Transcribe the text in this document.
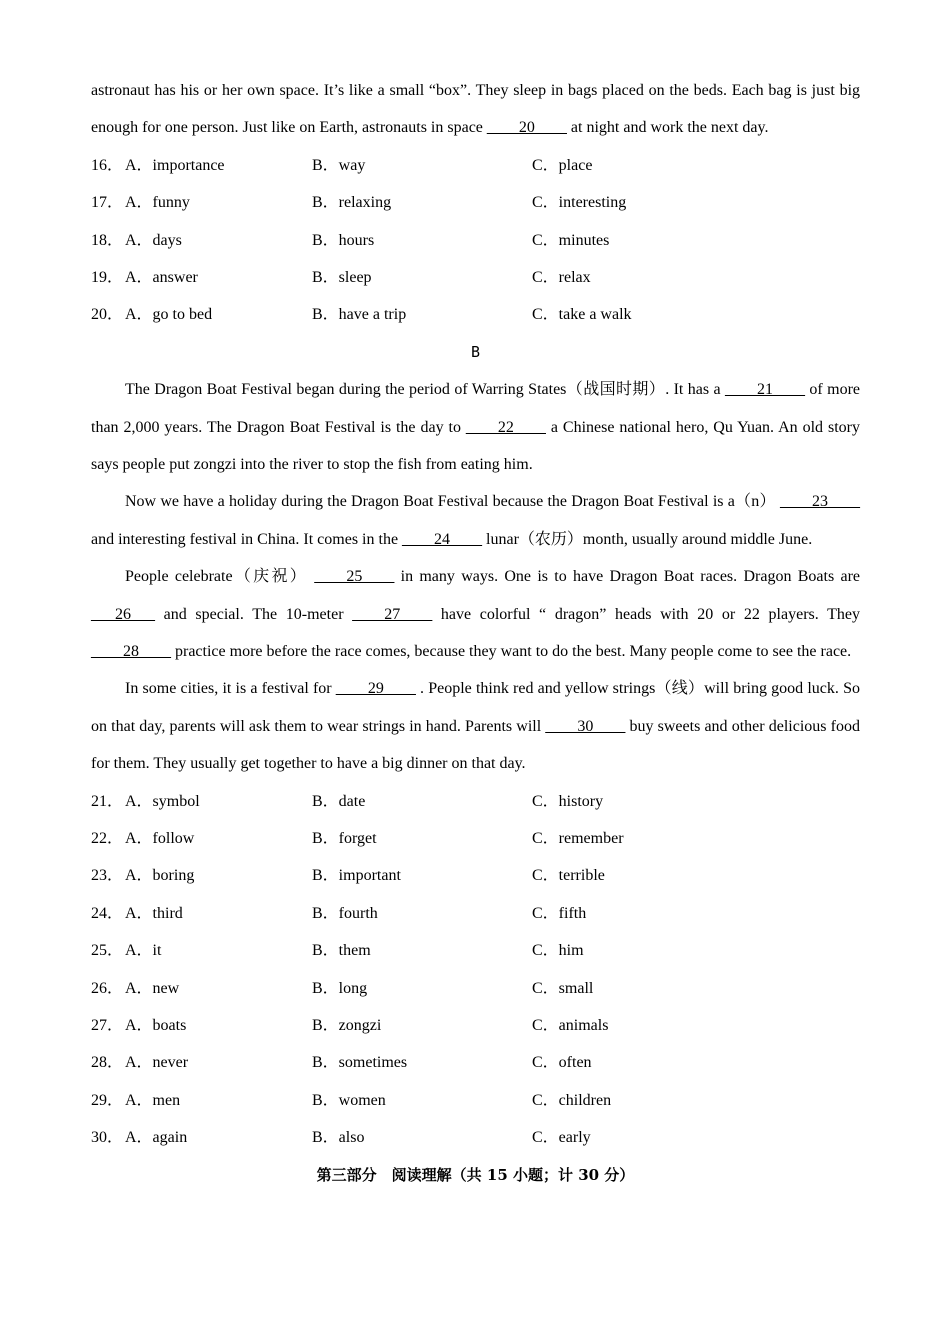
astronaut has his or her own space. It’s like a small “box”. They sleep in bags placed on the beds. Each bag is just big enough for one person. Just like on Earth, astronauts in space ____20____ at night and work the next day.

16． A．importance	B．way	C．place
17． A．funny	B．relaxing	C．interesting
18． A．days	B．hours	C．minutes
19． A．answer	B．sleep	C．relax
20． A．go to bed	B．have a trip	C．take a walk
B

The Dragon Boat Festival began during the period of Warring States（战国时期）. It has a ____21____ of more than 2,000 years. The Dragon Boat Festival is the day to ____22____ a Chinese national hero, Qu Yuan. An old story says people put zongzi into the river to stop the fish from eating him.

Now we have a holiday during the Dragon Boat Festival because the Dragon Boat Festival is a（n） ____23____ and interesting festival in China. It comes in the ____24____ lunar（农历）month, usually around middle June.

People celebrate（庆祝） ____25____ in many ways. One is to have Dragon Boat races. Dragon Boats are ___26___ and special. The 10-meter ____27____ have colorful “ dragon” heads with 20 or 22 players. They ____28____ practice more before the race comes, because they want to do the best. Many people come to see the race.

In some cities, it is a festival for ____29____ . People think red and yellow strings（线）will bring good luck. So on that day, parents will ask them to wear strings in hand. Parents will ____30____ buy sweets and other delicious food for them. They usually get together to have a big dinner on that day.

21． A．symbol	B．date	C．history
22． A．follow	B．forget	C．remember
23． A．boring	B．important	C．terrible
24． A．third	B．fourth	C．fifth
25． A．it	B．them	C．him
26． A．new	B．long	C．small
27． A．boats	B．zongzi	C．animals
28． A．never	B．sometimes	C．often
29． A．men	B．women	C．children
30． A．again	B．also	C．early
第三部分　阅读理解（共 15 小题；计 30 分）
